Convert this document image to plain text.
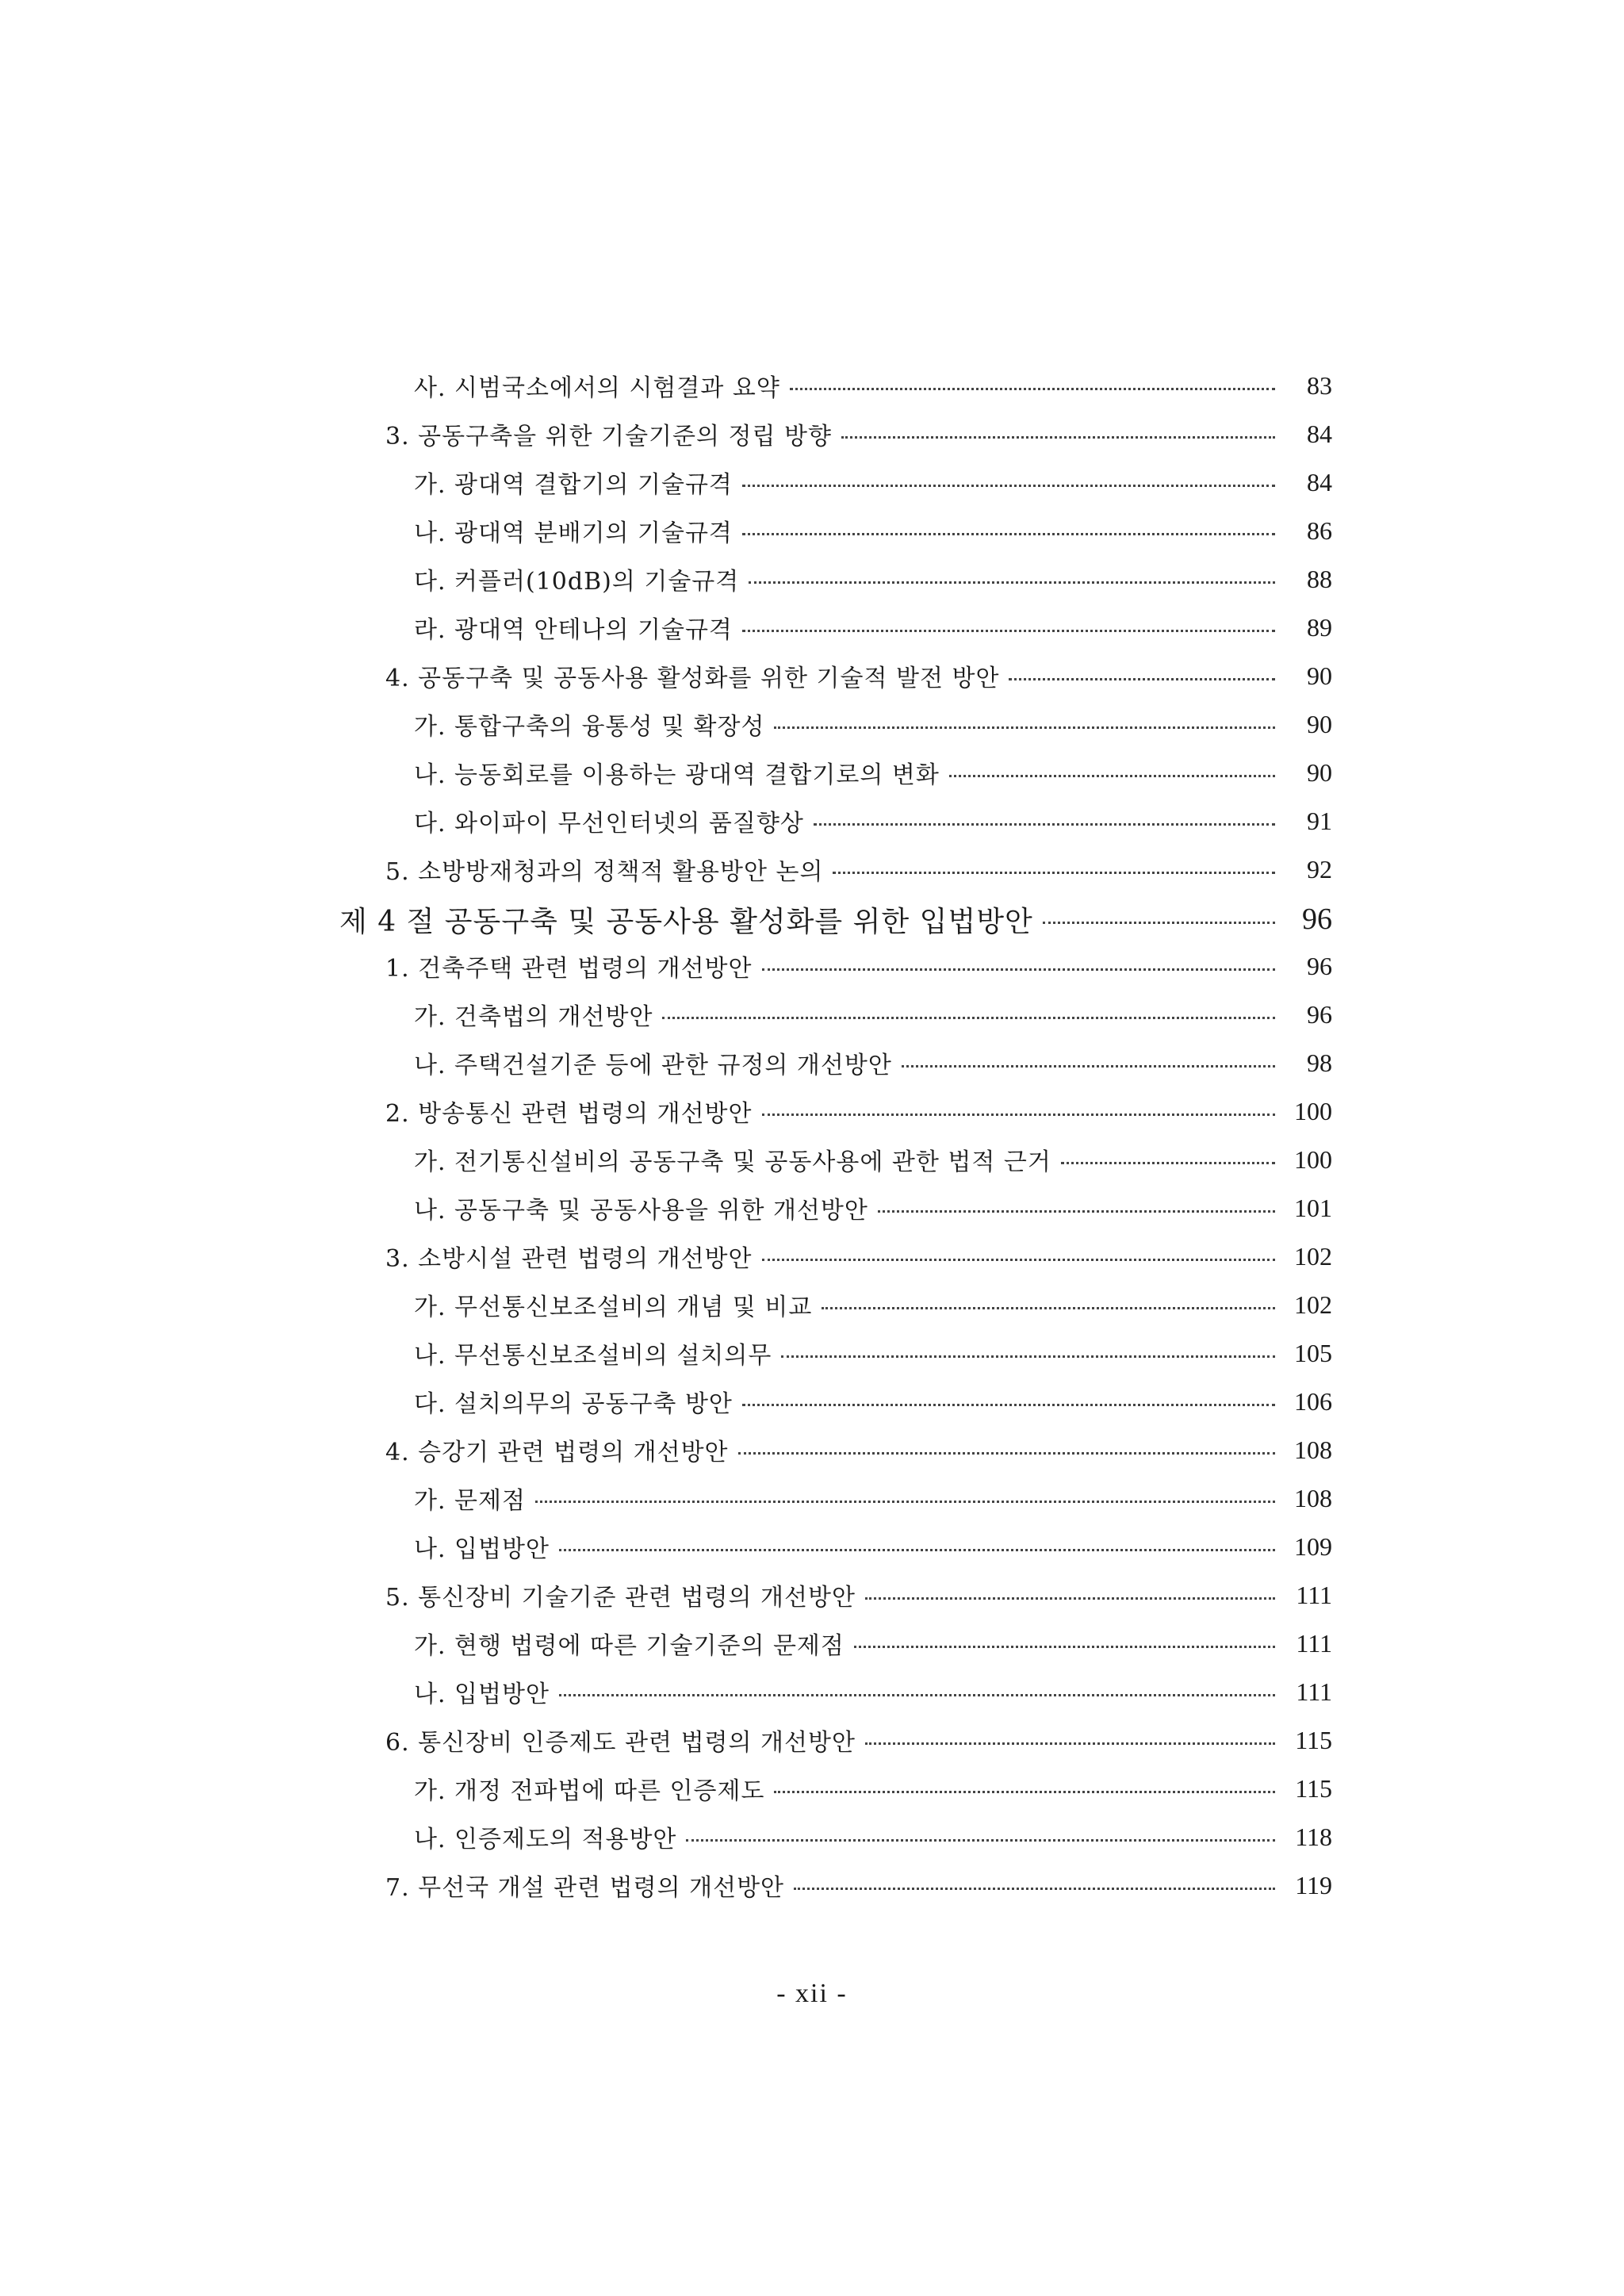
사. 시범국소에서의 시험결과 요약	83
3. 공동구축을 위한 기술기준의 정립 방향	84
가. 광대역 결합기의 기술규격	84
나. 광대역 분배기의 기술규격	86
다. 커플러(10dB)의 기술규격	88
라. 광대역 안테나의 기술규격	89
4. 공동구축 및 공동사용 활성화를 위한 기술적 발전 방안	90
가. 통합구축의 융통성 및 확장성	90
나. 능동회로를 이용하는 광대역 결합기로의 변화	90
다. 와이파이 무선인터넷의 품질향상	91
5. 소방방재청과의 정책적 활용방안 논의	92
제 4 절 공동구축 및 공동사용 활성화를 위한 입법방안	96
1. 건축주택 관련 법령의 개선방안	96
가. 건축법의 개선방안	96
나. 주택건설기준 등에 관한 규정의 개선방안	98
2. 방송통신 관련 법령의 개선방안	100
가. 전기통신설비의 공동구축 및 공동사용에 관한 법적 근거	100
나. 공동구축 및 공동사용을 위한 개선방안	101
3. 소방시설 관련 법령의 개선방안	102
가. 무선통신보조설비의 개념 및 비교	102
나. 무선통신보조설비의 설치의무	105
다. 설치의무의 공동구축 방안	106
4. 승강기 관련 법령의 개선방안	108
가. 문제점	108
나. 입법방안	109
5. 통신장비 기술기준 관련 법령의 개선방안	111
가. 현행 법령에 따른 기술기준의 문제점	111
나. 입법방안	111
6. 통신장비 인증제도 관련 법령의 개선방안	115
가. 개정 전파법에 따른 인증제도	115
나. 인증제도의 적용방안	118
7. 무선국 개설 관련 법령의 개선방안	119
- xii -
